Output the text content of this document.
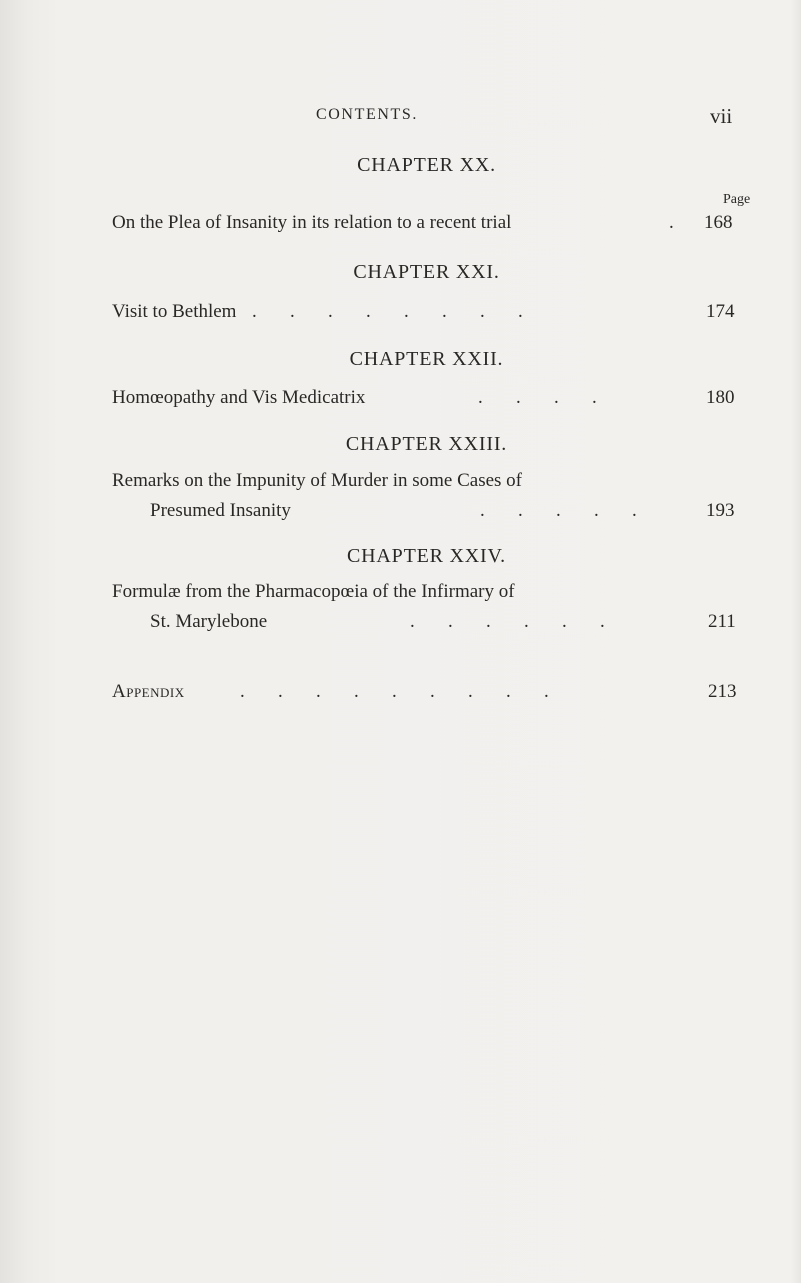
CONTENTS.	vii
CHAPTER XX.
Page
On the Plea of Insanity in its relation to a recent trial	. 168
CHAPTER XXI.
Visit to Bethlem .       .       .       .       .       .       .       .	174
CHAPTER XXII.
Homœopathy and Vis Medicatrix	.       .       .       .	180
CHAPTER XXIII.
Remarks on the Impunity of Murder in some Cases of
Presumed Insanity	.       .       .       .       .	193
CHAPTER XXIV.
Formulæ from the Pharmacopœia of the Infirmary of
St. Marylebone	.       .       .       .       .       .	211
Appendix	.       .       .       .       .       .       .       .       .	213
